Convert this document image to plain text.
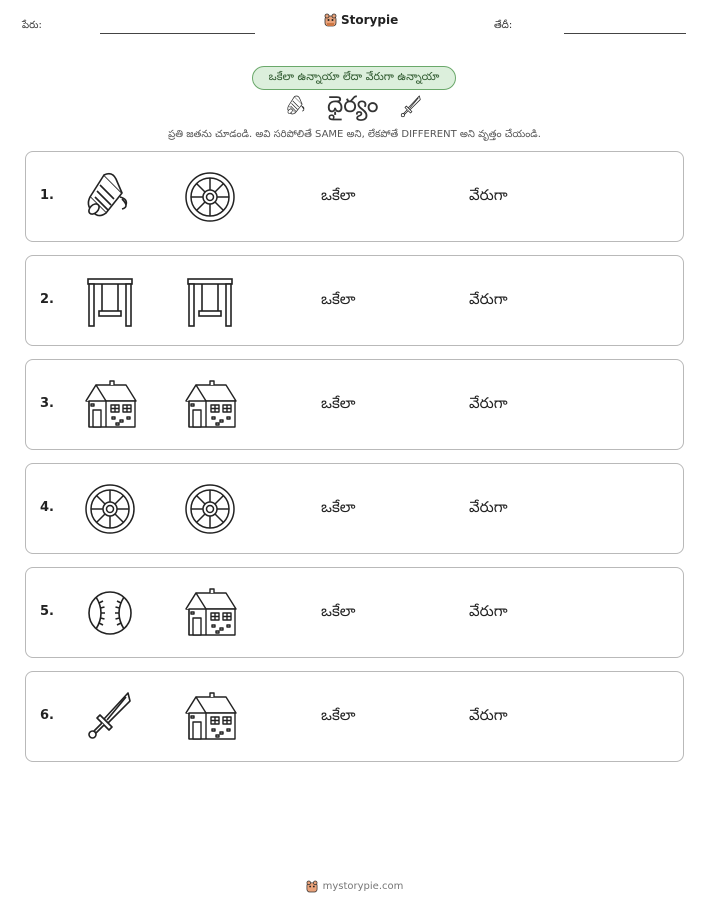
పేరు:	Storypie	తేదీ:
ఒకేలా ఉన్నాయా లేదా వేరుగా ఉన్నాయా
ధైర్యం
ప్రతి జతను చూడండి. అవి సరిపోలితే SAME అని, లేకపోతే DIFFERENT అని వృత్తం చేయండి.
1.	ఒకేలా	వేరుగా
2.	ఒకేలా	వేరుగా
3.	ఒకేలా	వేరుగా
4.	ఒకేలా	వేరుగా
5.	ఒకేలా	వేరుగా
6.	ఒకేలా	వేరుగా
mystorypie.com
